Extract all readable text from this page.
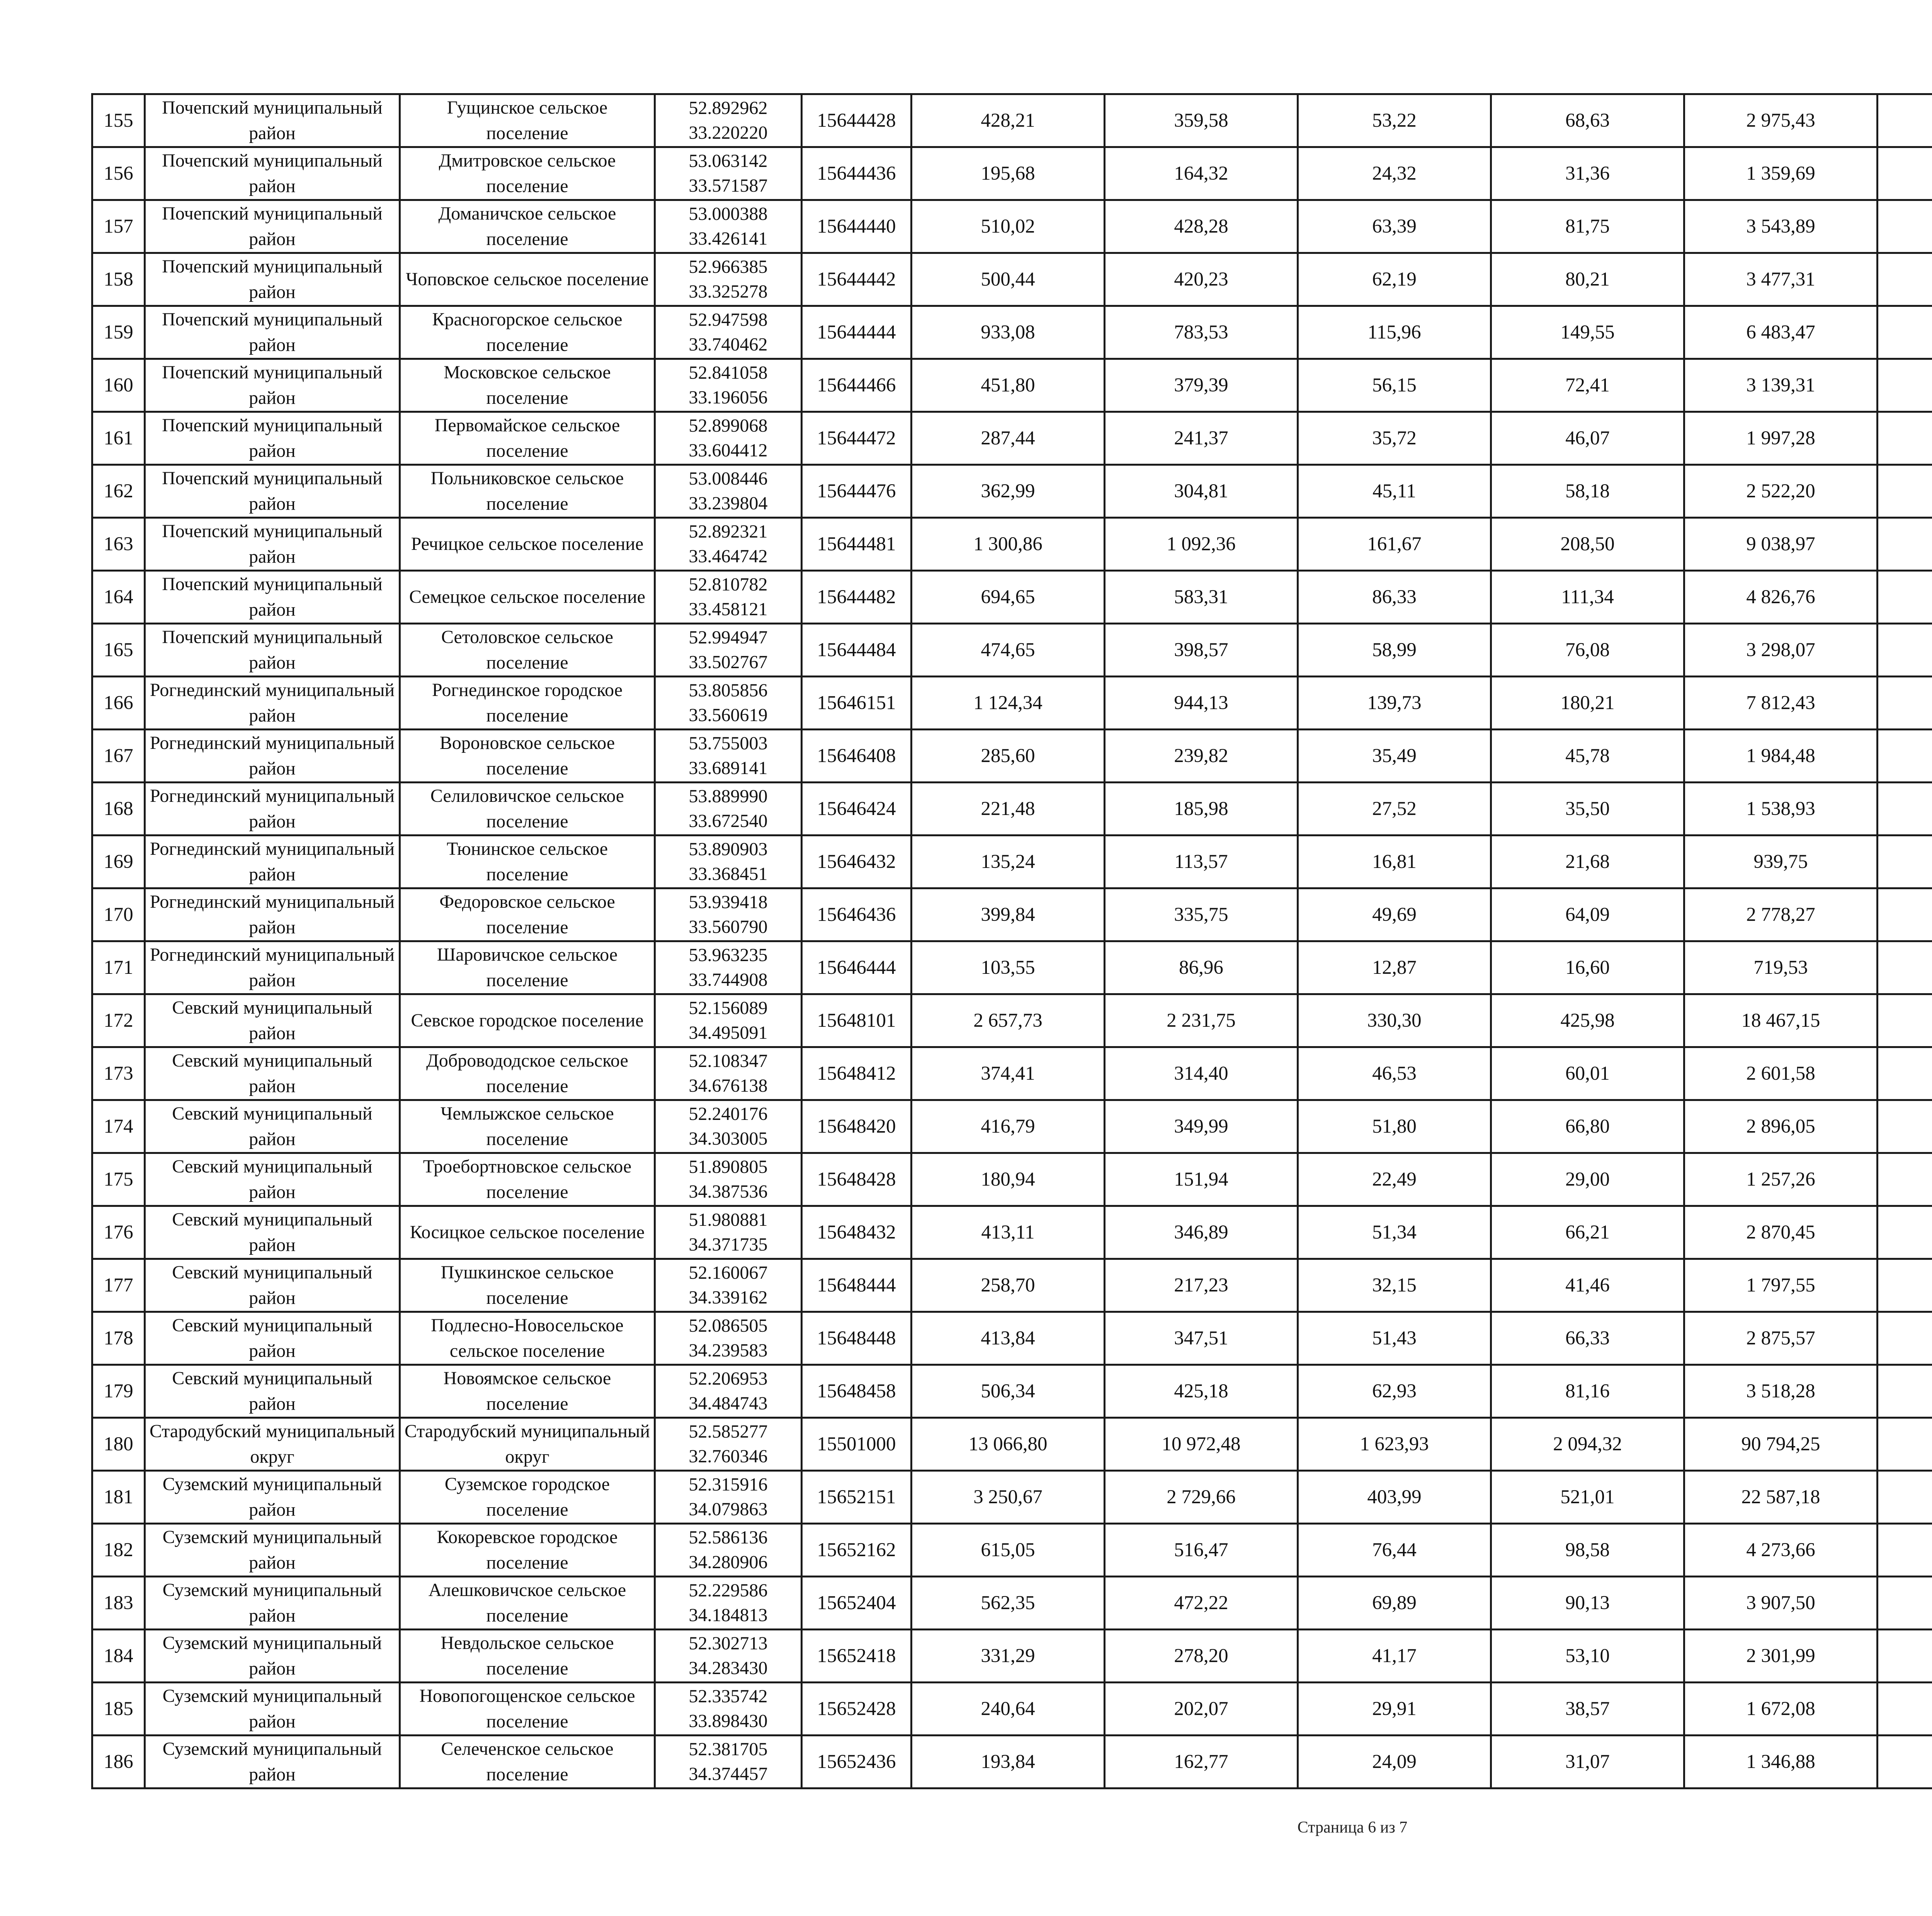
155	Почепский муниципальный район	Гущинское сельское поселение	52.892962
33.220220	15644428	428,21	359,58	53,22	68,63	2 975,43			
156	Почепский муниципальный район	Дмитровское сельское поселение	53.063142
33.571587	15644436	195,68	164,32	24,32	31,36	1 359,69			
157	Почепский муниципальный район	Доманичское сельское поселение	53.000388
33.426141	15644440	510,02	428,28	63,39	81,75	3 543,89			
158	Почепский муниципальный район	Чоповское сельское поселение	52.966385
33.325278	15644442	500,44	420,23	62,19	80,21	3 477,31			
159	Почепский муниципальный район	Красногорское сельское поселение	52.947598
33.740462	15644444	933,08	783,53	115,96	149,55	6 483,47			
160	Почепский муниципальный район	Московское сельское поселение	52.841058
33.196056	15644466	451,80	379,39	56,15	72,41	3 139,31			
161	Почепский муниципальный район	Первомайское сельское поселение	52.899068
33.604412	15644472	287,44	241,37	35,72	46,07	1 997,28			
162	Почепский муниципальный район	Польниковское сельское поселение	53.008446
33.239804	15644476	362,99	304,81	45,11	58,18	2 522,20			
163	Почепский муниципальный район	Речицкое сельское поселение	52.892321
33.464742	15644481	1 300,86	1 092,36	161,67	208,50	9 038,97			
164	Почепский муниципальный район	Семецкое сельское поселение	52.810782
33.458121	15644482	694,65	583,31	86,33	111,34	4 826,76			
165	Почепский муниципальный район	Сетоловское сельское поселение	52.994947
33.502767	15644484	474,65	398,57	58,99	76,08	3 298,07			
166	Рогнединский муниципальный район	Рогнединское городское поселение	53.805856
33.560619	15646151	1 124,34	944,13	139,73	180,21	7 812,43			
167	Рогнединский муниципальный район	Вороновское сельское поселение	53.755003
33.689141	15646408	285,60	239,82	35,49	45,78	1 984,48			
168	Рогнединский муниципальный район	Селиловичское сельское поселение	53.889990
33.672540	15646424	221,48	185,98	27,52	35,50	1 538,93			
169	Рогнединский муниципальный район	Тюнинское сельское поселение	53.890903
33.368451	15646432	135,24	113,57	16,81	21,68	939,75			
170	Рогнединский муниципальный район	Федоровское сельское поселение	53.939418
33.560790	15646436	399,84	335,75	49,69	64,09	2 778,27			
171	Рогнединский муниципальный район	Шаровичское сельское поселение	53.963235
33.744908	15646444	103,55	86,96	12,87	16,60	719,53			
172	Севский муниципальный район	Севское городское поселение	52.156089
34.495091	15648101	2 657,73	2 231,75	330,30	425,98	18 467,15			
173	Севский муниципальный район	Добровододское сельское поселение	52.108347
34.676138	15648412	374,41	314,40	46,53	60,01	2 601,58			
174	Севский муниципальный район	Чемлыжское сельское поселение	52.240176
34.303005	15648420	416,79	349,99	51,80	66,80	2 896,05			
175	Севский муниципальный район	Троебортновское сельское поселение	51.890805
34.387536	15648428	180,94	151,94	22,49	29,00	1 257,26			
176	Севский муниципальный район	Косицкое сельское поселение	51.980881
34.371735	15648432	413,11	346,89	51,34	66,21	2 870,45			
177	Севский муниципальный район	Пушкинское сельское поселение	52.160067
34.339162	15648444	258,70	217,23	32,15	41,46	1 797,55			
178	Севский муниципальный район	Подлесно-Новосельское сельское поселение	52.086505
34.239583	15648448	413,84	347,51	51,43	66,33	2 875,57			
179	Севский муниципальный район	Новоямское сельское поселение	52.206953
34.484743	15648458	506,34	425,18	62,93	81,16	3 518,28			
180	Стародубский муниципальный округ	Стародубский муниципальный округ	52.585277
32.760346	15501000	13 066,80	10 972,48	1 623,93	2 094,32	90 794,25			
181	Суземский муниципальный район	Суземское городское поселение	52.315916
34.079863	15652151	3 250,67	2 729,66	403,99	521,01	22 587,18			
182	Суземский муниципальный район	Кокоревское городское поселение	52.586136
34.280906	15652162	615,05	516,47	76,44	98,58	4 273,66			
183	Суземский муниципальный район	Алешковичское сельское поселение	52.229586
34.184813	15652404	562,35	472,22	69,89	90,13	3 907,50			
184	Суземский муниципальный район	Невдольское сельское поселение	52.302713
34.283430	15652418	331,29	278,20	41,17	53,10	2 301,99			
185	Суземский муниципальный район	Новопогощенское сельское поселение	52.335742
33.898430	15652428	240,64	202,07	29,91	38,57	1 672,08			
186	Суземский муниципальный район	Селеченское сельское поселение	52.381705
34.374457	15652436	193,84	162,77	24,09	31,07	1 346,88			
Страница 6 из 7
